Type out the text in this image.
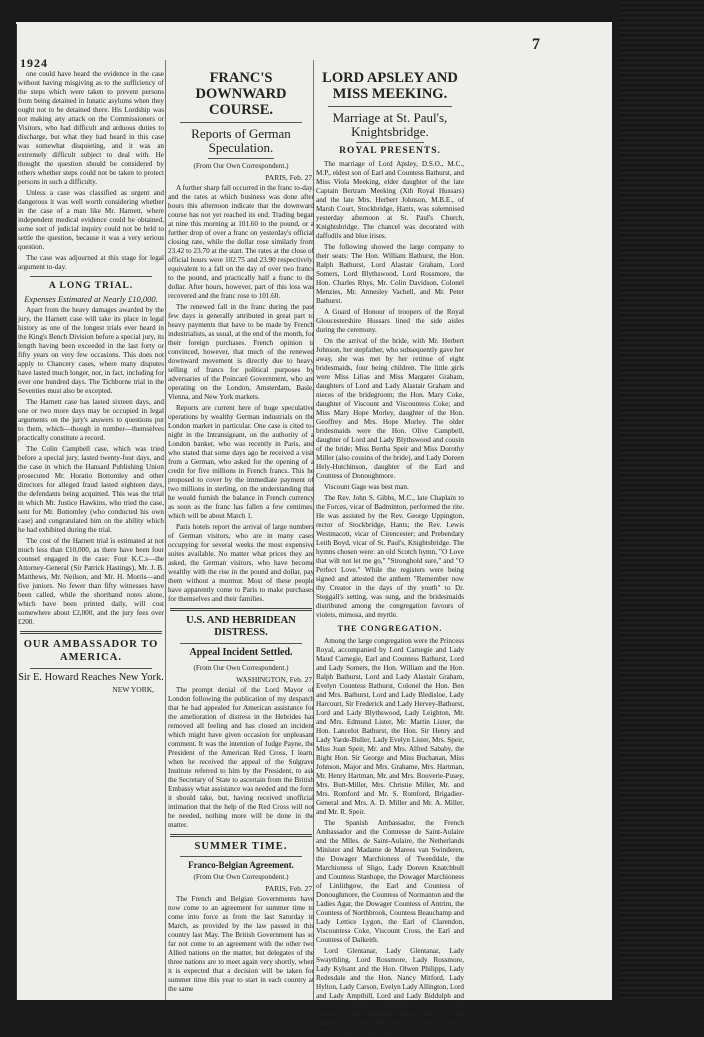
1924
7

one could have heard the evidence in the case without having misgiving as to the sufficiency of the steps which were taken to prevent persons from being detained in lunatic asylums when they ought not to be detained there. His Lordship was not making any attack on the Commissioners or Visitors, who had difficult and arduous duties to discharge, but what they had heard in this case was somewhat disquieting, and it was an extremely difficult subject to deal with. He thought the question should be considered by others whether steps could not be taken to protect persons in such a difficulty.

Unless a case was classified as urgent and dangerous it was well worth considering whether in the case of a man like Mr. Harnett, where independent medical evidence could be obtained, some sort of judicial inquiry could not be held to settle the question, because it was a very serious question.

The case was adjourned at this stage for legal argument to-day.

A LONG TRIAL.
Expenses Estimated at Nearly £10,000.

Apart from the heavy damages awarded by the jury, the Harnett case will take its place in legal history as one of the longest trials ever heard in the King's Bench Division before a special jury, its length having been exceeded in the last forty or fifty years on very few occasions. This does not apply to Chancery cases, where many disputes have lasted much longer, nor, in fact, including for over one hundred days. The Tichborne trial in the Seventies must also be excepted.

The Harnett case has lasted sixteen days, and one or two more days may be occupied in legal arguments on the jury's answers to questions put to them, which—though in number—themselves practically constitute a record.

The Colin Campbell case, which was tried before a special jury, lasted twenty-four days, and the case in which the Hansard Publishing Union prosecuted Mr. Horatio Bottomley and other directors for alleged fraud lasted eighteen days, the defendants being acquitted. This was the trial in which Mr. Justice Hawkins, who tried the case, sent for Mr. Bottomley (who conducted his own case) and congratulated him on the ability which he had exhibited during the trial.

The cost of the Harnett trial is estimated at not much less than £10,000, as there have been four counsel engaged in the case: Four K.C.s—the Attorney-General (Sir Patrick Hastings), Mr. J. B. Matthews, Mr. Neilson, and Mr. H. Morris—and five juniors. No fewer than fifty witnesses have been called, while the shorthand notes alone, which have been printed daily, will cost somewhere about £2,000, and the jury fees over £200.

OUR AMBASSADOR TO AMERICA.
Sir E. Howard Reaches New York.
NEW YORK,
FRANC'S DOWNWARD COURSE.
Reports of German Speculation.
(From Our Own Correspondent.)
PARIS, Feb. 27.

A further sharp fall occurred in the franc to-day, and the rates at which business was done after hours this afternoon indicate that the downward course has not yet reached its end. Trading began at nine this morning at 101.60 to the pound, or a further drop of over a franc on yesterday's official closing rate, while the dollar rose similarly from 23.42 to 23.70 at the start. The rates at the close of official hours were 102.75 and 23.90 respectively, equivalent to a fall on the day of over two francs to the pound, and practically half a franc to the dollar. After hours, however, part of this loss was recovered and the franc rose to 101.60.

The renewed fall in the franc during the past few days is generally attributed in great part to heavy payments that have to be made by French industrialists, as usual, at the end of the month, for their foreign purchases. French opinion is convinced, however, that much of the renewed downward movement is directly due to heavy selling of francs for political purposes by adversaries of the Poincaré Government, who are operating on the London, Amsterdam, Basle, Vienna, and New York markets.

Reports are current here of huge speculative operations by wealthy German industrials on the London market in particular. One case is cited to-night in the Intransigeant, on the authority of a London banker, who was recently in Paris, and who stated that some days ago he received a visit from a German, who asked for the opening of a credit for five millions in French francs. This he proposed to cover by the immediate payment of two millions in sterling, on the understanding that he would furnish the balance in French currency as soon as the franc has fallen a few centimes, which will be about March 1.

Paris hotels report the arrival of large numbers of German visitors, who are in many cases occupying for several weeks the most expensive suites available. No matter what prices they are asked, the German visitors, who have become wealthy with the rise in the pound and dollar, pay them without a murmur. Most of these people have apparently come to Paris to make purchases for themselves and their families.

U.S. AND HEBRIDEAN DISTRESS.
Appeal Incident Settled.
(From Our Own Correspondent.)
WASHINGTON, Feb. 27.

The prompt denial of the Lord Mayor of London following the publication of my despatch that he had appealed for American assistance for the amelioration of distress in the Hebrides has removed all feeling and has closed an incident which might have given occasion for unpleasant comment. It was the intention of Judge Payne, the President of the American Red Cross, I learn, when he received the appeal of the Sulgrave Institute referred to him by the President, to ask the Secretary of State to ascertain from the British Embassy what assistance was needed and the form it should take, but, having received unofficial intimation that the help of the Red Cross will not be needed, nothing more will be done in the matter.

SUMMER TIME.
Franco-Belgian Agreement.
(From Our Own Correspondent.)
PARIS, Feb. 27.

The French and Belgian Governments have now come to an agreement for summer time to come into force as from the last Saturday in March, as provided by the law passed in this country last May. The British Government has so far not come to an agreement with the other two Allied nations on the matter, but delegates of the three nations are to meet again very shortly, when it is expected that a decision will be taken for summer time this year to start in each country at the same

LORD APSLEY AND MISS MEEKING.
Marriage at St. Paul's, Knightsbridge.
ROYAL PRESENTS.

The marriage of Lord Apsley, D.S.O., M.C., M.P., eldest son of Earl and Countess Bathurst, and Miss Viola Meeking, elder daughter of the late Captain Bertram Meeking (Xth Royal Hussars) and the late Mrs. Herbert Johnson, M.B.E., of Marsh Court, Stockbridge, Hants, was solemnised yesterday afternoon at St. Paul's Church, Knightsbridge. The chancel was decorated with daffodils and blue irises.

The following showed the large company to their seats: The Hon. William Bathurst, the Hon. Ralph Bathurst, Lord Alastair Graham, Lord Somers, Lord Blythswood, Lord Rossmore, the Hon. Charles Rhys, Mr. Colin Davidson, Colonel Menzies, Mr. Annesley Vachell, and Mr. Peter Bathurst.

A Guard of Honour of troopers of the Royal Gloucestershire Hussars lined the side aisles during the ceremony.

On the arrival of the bride, with Mr. Herbert Johnson, her stepfather, who subsequently gave her away, she was met by her retinue of eight bridesmaids, four being children. The little girls were Miss Lilias and Miss Margaret Graham, daughters of Lord and Lady Alastair Graham and nieces of the bridegroom; the Hon. Mary Coke, daughter of Viscount and Viscountess Coke; and Miss Mary Hope Morley, daughter of the Hon. Geoffrey and Mrs. Hope Morley. The older bridesmaids were the Hon. Olive Campbell, daughter of Lord and Lady Blythswood and cousin of the bride; Miss Bertha Speir and Miss Dorothy Miller (also cousins of the bride), and Lady Doreen Hely-Hutchinson, daughter of the Earl and Countess of Donoughmore.

Viscount Gage was best man.

The Rev. John S. Gibbs, M.C., late Chaplain to the Forces, vicar of Badminton, performed the rite. He was assisted by the Rev. George Uppington, rector of Stockbridge, Hants; the Rev. Lewis Westmacott, vicar of Cirencester; and Prebendary Leith Boyd, vicar of St. Paul's, Knightsbridge. The hymns chosen were: an old Scotch hymn, "O Love that wilt not let me go," "Stronghold sure," and "O Perfect Love." While the registers were being signed and attested the anthem "Remember now thy Creator in the days of thy youth" to Dr. Steggall's setting, was sung, and the bridesmaids distributed among the congregation favours of violets, mimosa, and myrtle.

THE CONGREGATION.

Among the large congregation were the Princess Royal, accompanied by Lord Carnegie and Lady Maud Carnegie, Earl and Countess Bathurst, Lord and Lady Somers, the Hon. William and the Hon. Ralph Bathurst, Lord and Lady Alastair Graham, Evelyn Countess Bathurst, Colonel the Hon. Ben and Mrs. Bathurst, Lord and Lady Bledisloe, Lady Harcourt, Sir Frederick and Lady Hervey-Bathurst, Lord and Lady Blythswood, Lady Leighton, Mr. and Mrs. Edmund Lister, Mr. Martin Lister, the Hon. Lancelot Bathurst, the Hon. Sir Henry and Lady Yarde-Buller, Lady Evelyn Lister, Mrs. Speir, Miss Joan Speir, Mr. and Mrs. Alfred Sababy, the Right Hon. Sir George and Miss Buchanan, Miss Johnson, Major and Mrs. Grahame, Mrs. Hartman, Mr. Henry Hartman, Mr. and Mrs. Bouverie-Pusey, Mrs. Butt-Miller, Mrs. Christie Miller, Mr. and Mrs. Romford and Mr. S. Romford, Brigadier-General and Mrs. A. D. Miller and Mr. A. Miller, and Mr. R. Speir.

The Spanish Ambassador, the French Ambassador and the Comtesse de Saint-Aulaire and the Mlles. de Saint-Aulaire, the Netherlands Minister and Madame de Marees van Swinderen, the Dowager Marchioness of Tweeddale, the Marchioness of Sligo, Lady Doreen Knatchbull and Countess Stanhope, the Dowager Marchioness of Linlithgow, the Earl and Countess of Donoughmore, the Countess of Normanton and the Ladies Agar, the Dowager Countess of Antrim, the Countess of Northbrook, Countess Beauchamp and Lady Lettice Lygon, the Earl of Clarendon, Viscountess Coke, Viscount Cross, the Earl and Countess of Dalkeith.

Lord Glentanar, Lady Glentanar, Lady Swaythling, Lord Rossmore, Lady Rossmore, Lady Kylsant and the Hon. Olwen Philipps, Lady Redesdale and the Hon. Nancy Mitford, Lady Hylton, Lady Carson, Evelyn Lady Allington, Lord and Lady Ampthill, Lord and Lady Biddulph and the Hon. Adelaide Biddulph, Lord and Lady Ackwith, Lord Lamington, Lady Lord and Lady Hesketh, and the Hon. Monica and the Hon. Desborough and Lady Fairfax.
